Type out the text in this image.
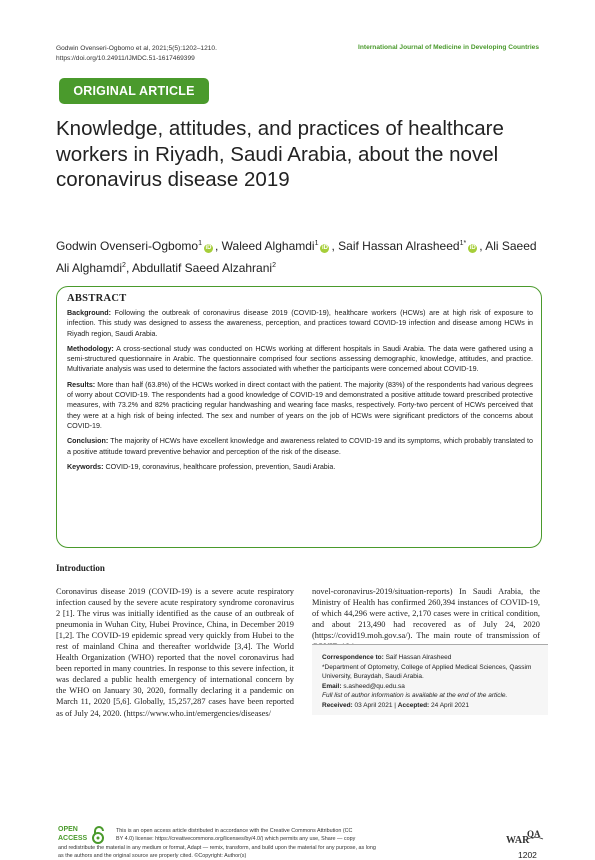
Godwin Ovenseri-Ogbomo et al, 2021;5(5):1202–1210.
https://doi.org/10.24911/IJMDC.51-1617469399
International Journal of Medicine in Developing Countries
ORIGINAL ARTICLE
Knowledge, attitudes, and practices of healthcare workers in Riyadh, Saudi Arabia, about the novel coronavirus disease 2019
Godwin Ovenseri-Ogbomo$^1$iD , Waleed Alghamdi$^1$iD , Saif Hassan Alrasheed$^{1*}$iD , Ali Saeed Ali Alghamdi$^2$, Abdullatif Saeed Alzahrani$^2$
ABSTRACT

Background: Following the outbreak of coronavirus disease 2019 (COVID-19), healthcare workers (HCWs) are at high risk of exposure to infection. This study was designed to assess the awareness, perception, and practices toward COVID-19 infection and disease among HCWs in Riyadh region, Saudi Arabia.

Methodology: A cross-sectional study was conducted on HCWs working at different hospitals in Saudi Arabia. The data were gathered using a semi-structured questionnaire in Arabic. The questionnaire comprised four sections assessing demographic, knowledge, attitudes, and practice. Multivariate analysis was used to determine the factors associated with whether the participants were concerned about COVID-19.

Results: More than half (63.8%) of the HCWs worked in direct contact with the patient. The majority (83%) of the respondents had various degrees of worry about COVID-19. The respondents had a good knowledge of COVID-19 and demonstrated a positive attitude toward prescribed protective measures, with 73.2% and 82% practicing regular handwashing and wearing face masks, respectively. Forty-two percent of HCWs perceived that they were at a high risk of being infected. The sex and number of years on the job of HCWs were significant predictors of the concerns about COVID-19.

Conclusion: The majority of HCWs have excellent knowledge and awareness related to COVID-19 and its symptoms, which probably translated to a positive attitude toward preventive behavior and perception of the risk of the disease.

Keywords: COVID-19, coronavirus, healthcare profession, prevention, Saudi Arabia.

Introduction
Coronavirus disease 2019 (COVID-19) is a severe acute respiratory infection caused by the severe acute respiratory syndrome coronavirus 2 [1]. The virus was initially identified as the cause of an outbreak of pneumonia in Wuhan City, Hubei Province, China, in December 2019 [1,2]. The COVID-19 epidemic spread very quickly from Hubei to the rest of mainland China and thereafter worldwide [3,4]. The World Health Organization (WHO) reported that the novel coronavirus had been reported in many countries. In response to this severe infection, it was declared a public health emergency of international concern by the WHO on January 30, 2020, formally declaring it a pandemic on March 11, 2020 [5,6]. Globally, 15,257,287 cases have been reported as of July 24, 2020. (https://www.who.int/emergencies/diseases/
novel-coronavirus-2019/situation-reports) In Saudi Arabia, the Ministry of Health has confirmed 260,394 instances of COVID-19, of which 44,296 were active, 2,170 cases were in critical condition, and about 213,490 had recovered as of July 24, 2020 (https://covid19.moh.gov.sa/). The main route of transmission of
Correspondence to: Saif Hassan Alrasheed
*Department of Optometry, College of Applied Medical Sciences, Qassim University, Buraydah, Saudi Arabia.
Email: s.asheed@qu.edu.sa
Full list of author information is available at the end of the article.
Received: 03 April 2021 | Accepted: 24 April 2021
OPEN
ACCESS
This is an open access article distributed in accordance with the Creative Commons Attribution (CC
BY 4.0) license: https://creativecommons.org/licenses/by/4.0/) which permits any use, Share — copy
and redistribute the material in any medium or format, Adapt — remix, transform, and build upon the material for any purpose, as long
as the authors and the original source are properly cited. ©Copyright: Author(s)
WAR
QA
1202
